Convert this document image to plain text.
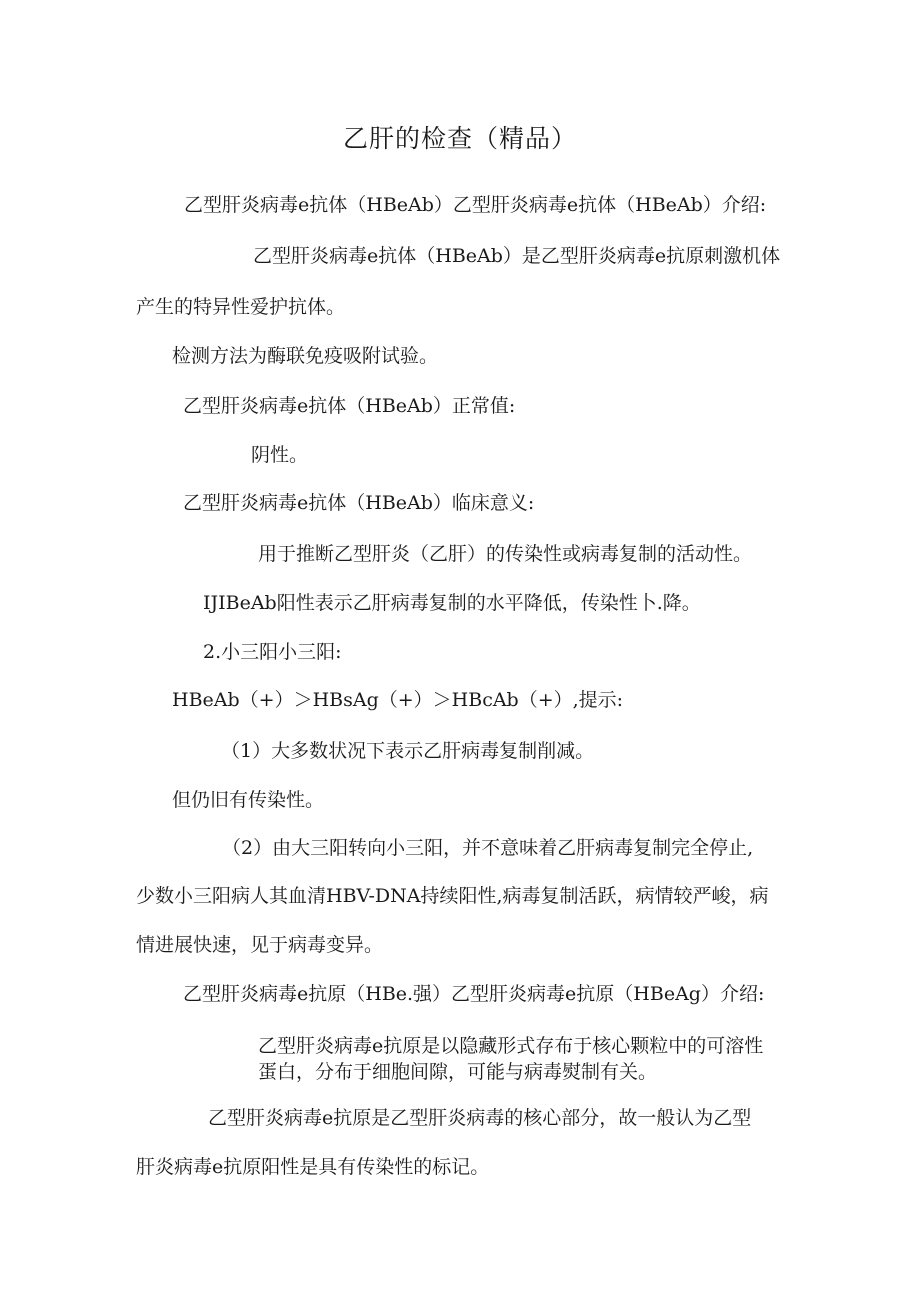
乙肝的检查（精品）
乙型肝炎病毒e抗体（HBeAb）乙型肝炎病毒e抗体（HBeAb）介绍:
乙型肝炎病毒e抗体（HBeAb）是乙型肝炎病毒e抗原刺激机体
产生的特异性爱护抗体。
检测方法为酶联免疫吸附试验。
乙型肝炎病毒e抗体（HBeAb）正常值:
阴性。
乙型肝炎病毒e抗体（HBeAb）临床意义:
用于推断乙型肝炎（乙肝）的传染性或病毒复制的活动性。
IJIBeAb阳性表示乙肝病毒复制的水平降低，传染性卜.降。
2.小三阳小三阳:
HBeAb（+）＞HBsAg（+）＞HBcAb（+）,提示:
（1）大多数状况下表示乙肝病毒复制削减。
但仍旧有传染性。
（2）由大三阳转向小三阳，并不意味着乙肝病毒复制完全停止,
少数小三阳病人其血清HBV-DNA持续阳性,病毒复制活跃，病情较严峻，病
情进展快速，见于病毒变异。
乙型肝炎病毒e抗原（HBe.强）乙型肝炎病毒e抗原（HBeAg）介绍:
乙型肝炎病毒e抗原是以隐藏形式存布于核心颗粒中的可溶性
蛋白，分布于细胞间隙，可能与病毒熨制有关。
乙型肝炎病毒e抗原是乙型肝炎病毒的核心部分，故一般认为乙型
肝炎病毒e抗原阳性是具有传染性的标记。
